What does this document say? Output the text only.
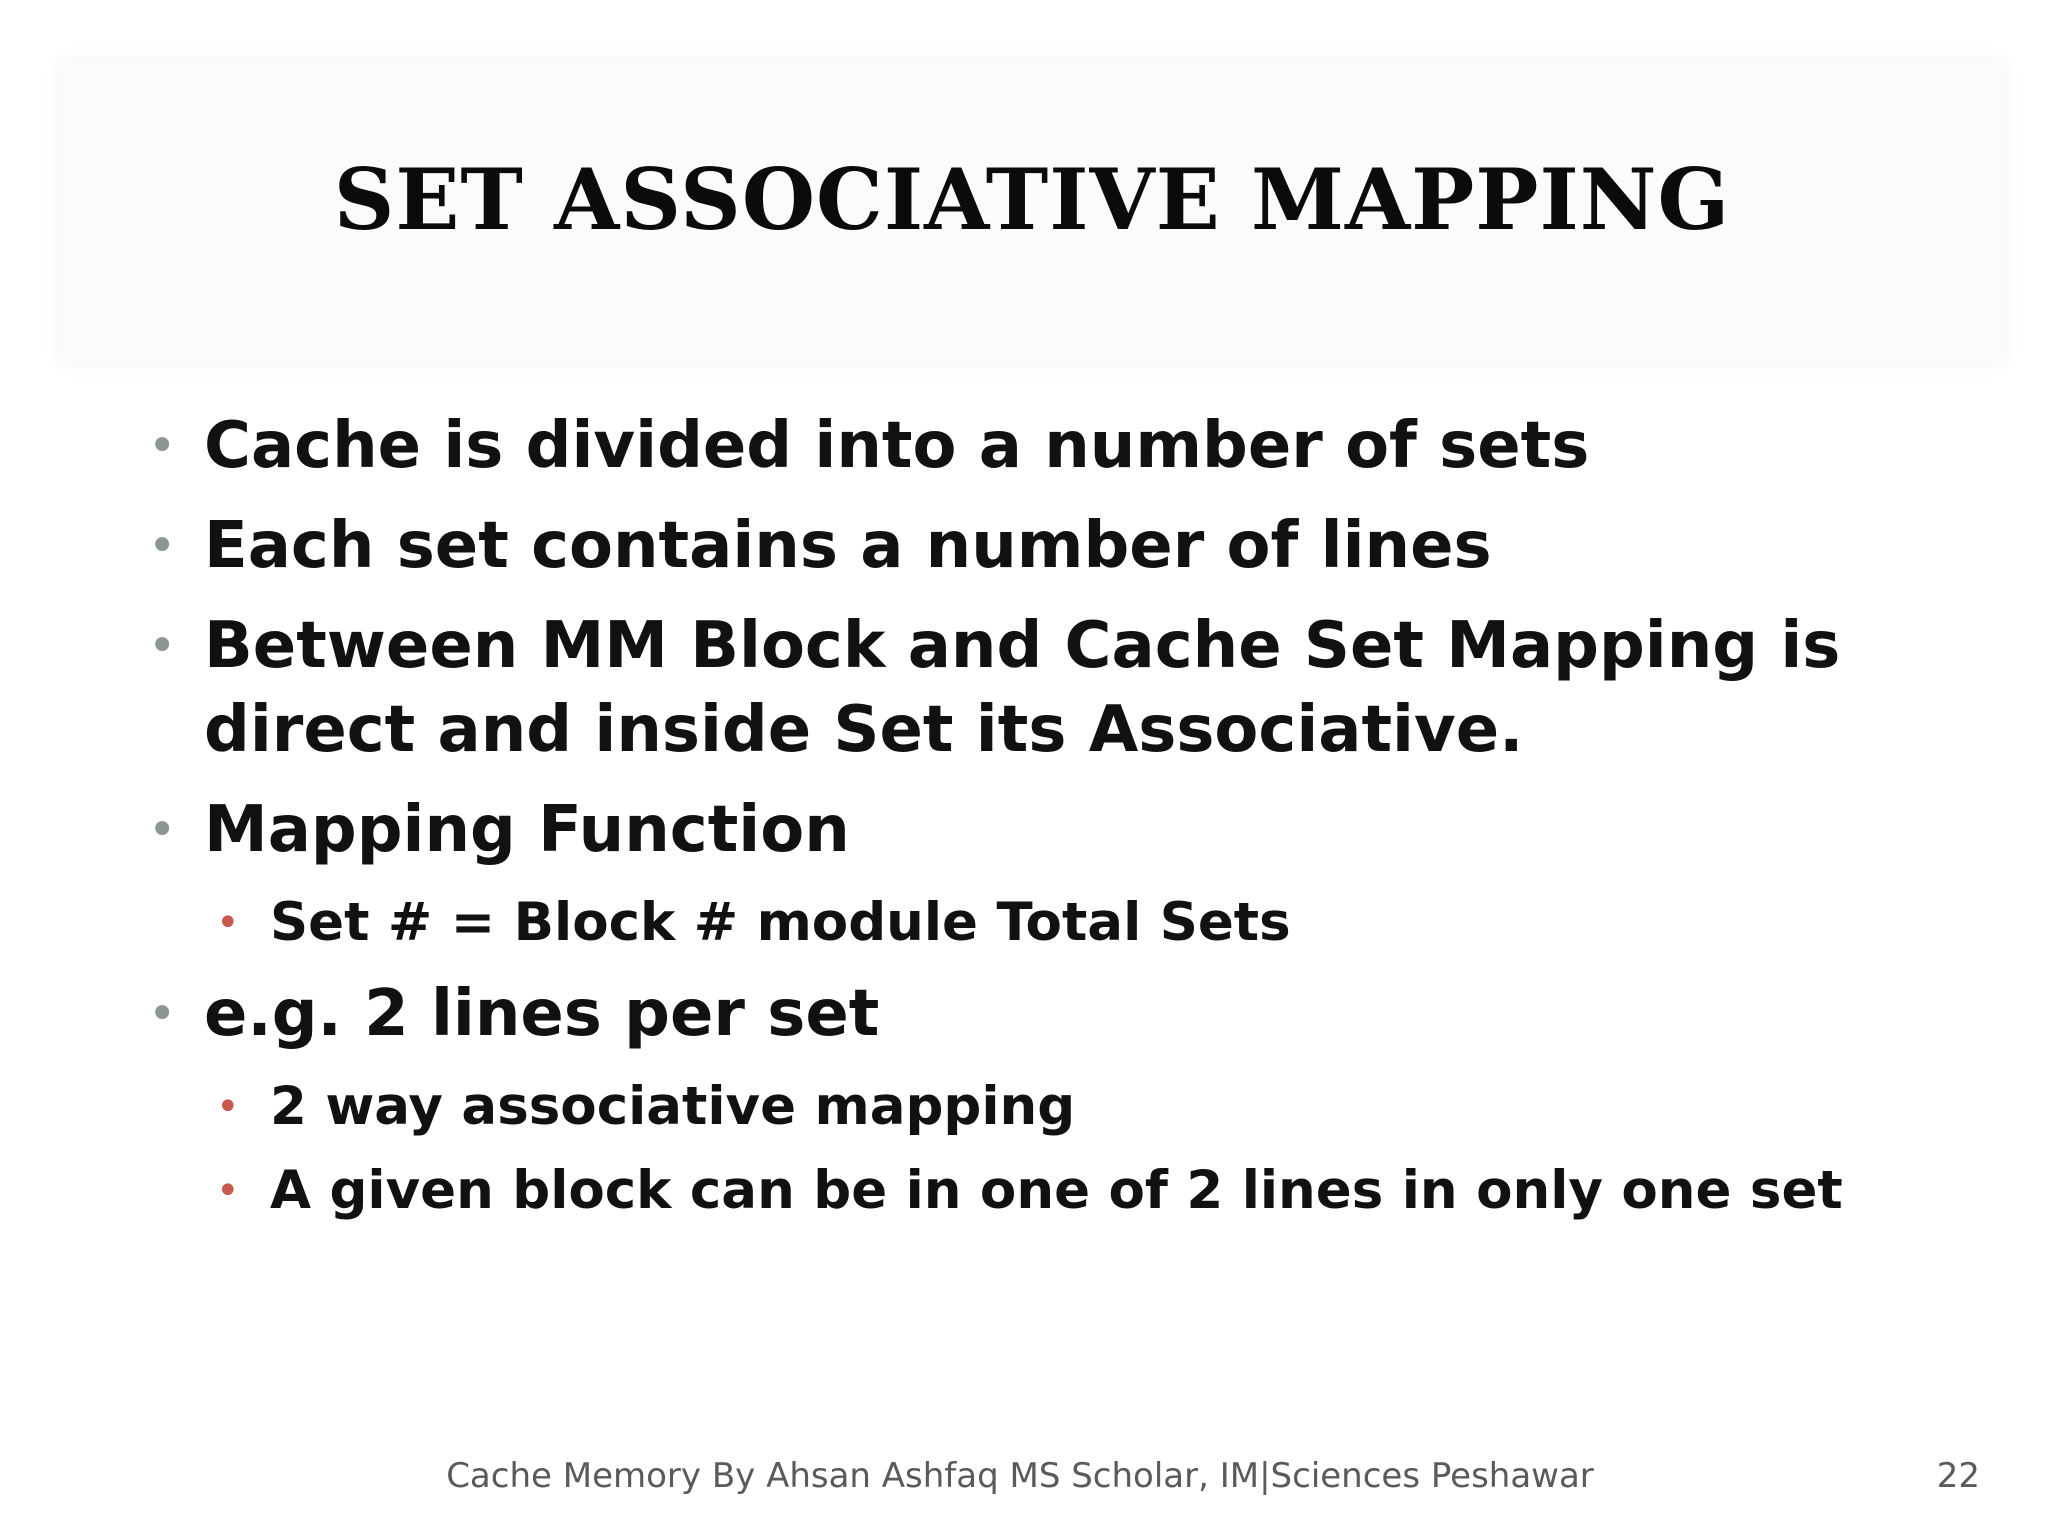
SET ASSOCIATIVE MAPPING
• Cache is divided into a number of sets
• Each set contains a number of lines
• Between MM Block and Cache Set Mapping is direct and inside Set its Associative.
• Mapping Function
• Set # = Block # module Total Sets
• e.g. 2 lines per set
• 2 way associative mapping
• A given block can be in one of 2 lines in only one set
Cache Memory By Ahsan Ashfaq MS Scholar, IM|Sciences Peshawar	22
